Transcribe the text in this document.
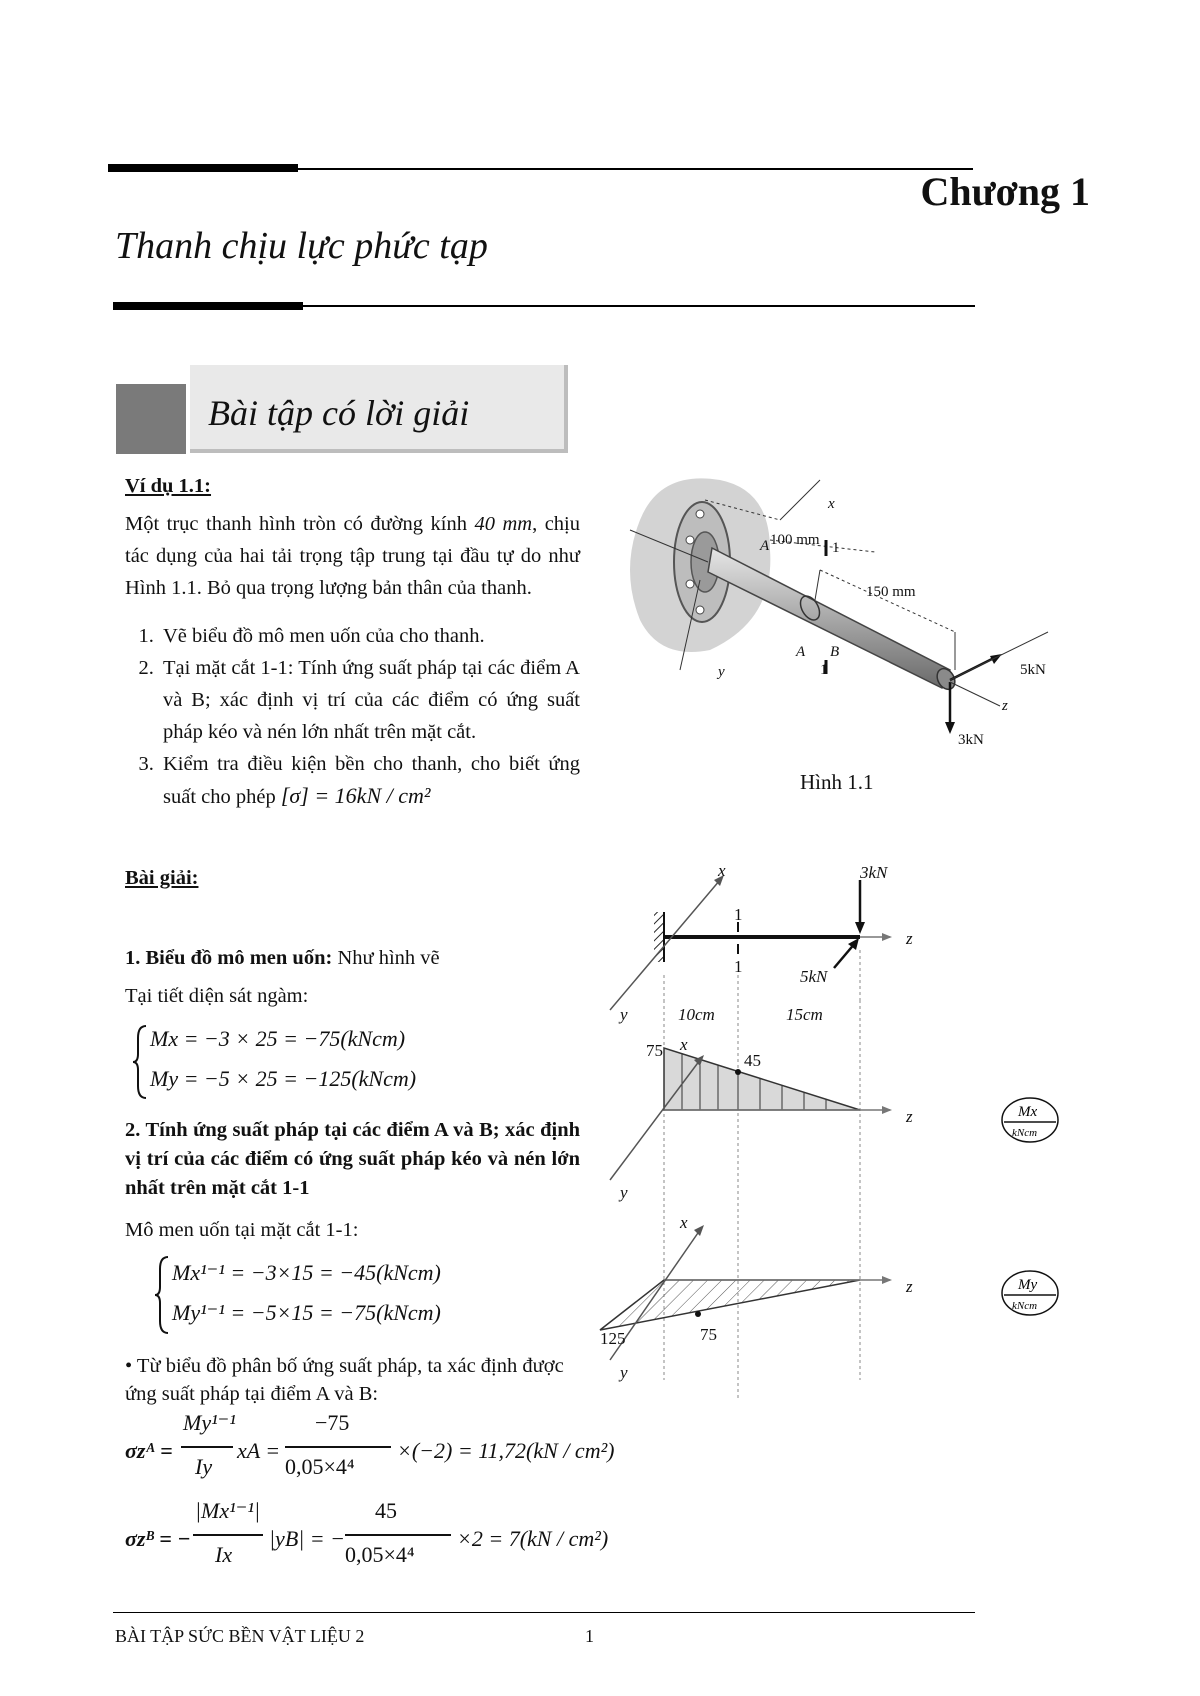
Chương 1
Thanh chịu lực phức tạp
Bài tập có lời giải
Ví dụ 1.1:
Một trục thanh hình tròn có đường kính 40 mm, chịu tác dụng của hai tải trọng tập trung tại đầu tự do như Hình 1.1. Bỏ qua trọng lượng bản thân của thanh.
1. Vẽ biểu đồ mô men uốn của cho thanh.
2. Tại mặt cắt 1-1: Tính ứng suất pháp tại các điểm A và B; xác định vị trí của các điểm có ứng suất pháp kéo và nén lớn nhất trên mặt cắt.
3. Kiểm tra điều kiện bền cho thanh, cho biết ứng suất cho phép [σ] = 16kN / cm²
Bài giải:
1. Biểu đồ mô men uốn: Như hình vẽ
Tại tiết diện sát ngàm:
Mx = −3 × 25 = −75(kNcm)
My = −5 × 25 = −125(kNcm)
2. Tính ứng suất pháp tại các điểm A và B; xác định vị trí của các điểm có ứng suất pháp kéo và nén lớn nhất trên mặt cắt 1-1
Mô men uốn tại mặt cắt 1-1:
Mx¹⁻¹ = −3×15 = −45(kNcm)
My¹⁻¹ = −5×15 = −75(kNcm)
• Từ biểu đồ phân bố ứng suất pháp, ta xác định được ứng suất pháp tại điểm A và B:
σzᴬ =
My¹⁻¹
Iy
xA =
−75
0,05×4⁴
×(−2) = 11,72(kN / cm²)
σzᴮ = −
|Mx¹⁻¹|
Ix
|yB| = −
45
0,05×4⁴
×2 = 7(kN / cm²)
x
y
z
A
A B
100 mm
150 mm
5kN
3kN
1
1
Hình 1.1
x	3kN
5kN
1
1
z
y	10cm	15cm
75
45
x
z
y
x
z
125	75
y
Mx
kNcm
My
kNcm
BÀI TẬP SỨC BỀN VẬT LIỆU 2	1
